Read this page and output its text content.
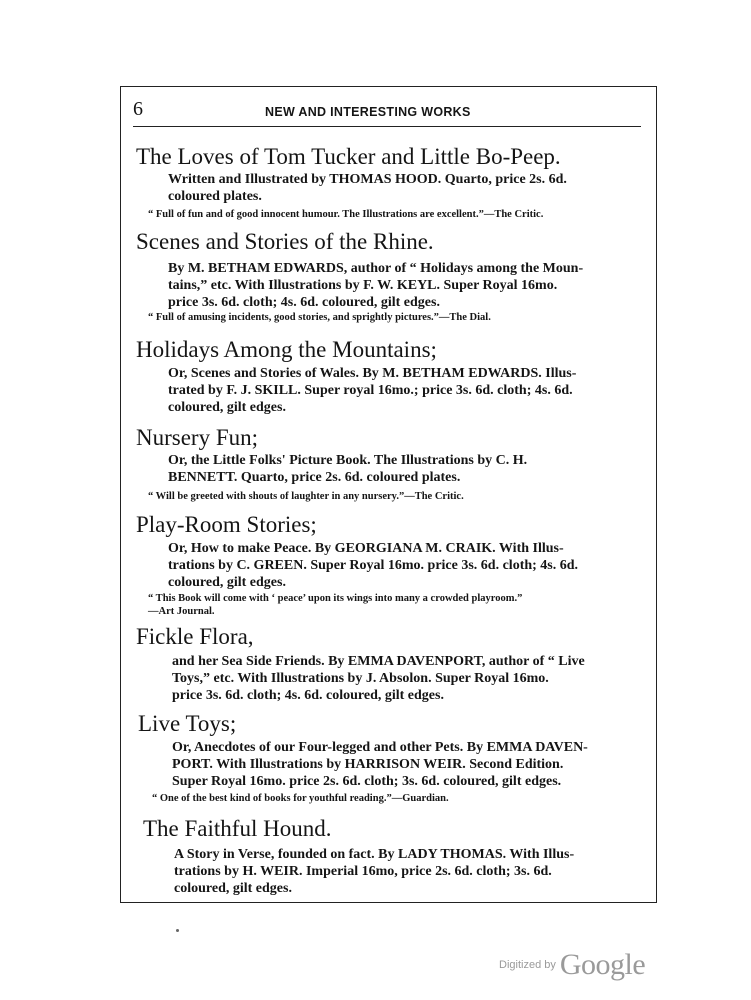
6	NEW AND INTERESTING WORKS
The Loves of Tom Tucker and Little Bo-Peep.
Written and Illustrated by THOMAS HOOD. Quarto, price 2s. 6d.
coloured plates.
“ Full of fun and of good innocent humour. The Illustrations are excellent.”—The Critic.
Scenes and Stories of the Rhine.
By M. BETHAM EDWARDS, author of “ Holidays among the Moun-
tains,” etc. With Illustrations by F. W. KEYL. Super Royal 16mo.
price 3s. 6d. cloth; 4s. 6d. coloured, gilt edges.
“ Full of amusing incidents, good stories, and sprightly pictures.”—The Dial.
Holidays Among the Mountains;
Or, Scenes and Stories of Wales. By M. BETHAM EDWARDS. Illus-
trated by F. J. SKILL. Super royal 16mo.; price 3s. 6d. cloth; 4s. 6d.
coloured, gilt edges.
Nursery Fun;
Or, the Little Folks' Picture Book. The Illustrations by C. H.
BENNETT. Quarto, price 2s. 6d. coloured plates.
“ Will be greeted with shouts of laughter in any nursery.”—The Critic.
Play-Room Stories;
Or, How to make Peace. By GEORGIANA M. CRAIK. With Illus-
trations by C. GREEN. Super Royal 16mo. price 3s. 6d. cloth; 4s. 6d.
coloured, gilt edges.
“ This Book will come with ‘ peace’ upon its wings into many a crowded playroom.”
—Art Journal.
Fickle Flora,
and her Sea Side Friends. By EMMA DAVENPORT, author of “ Live
Toys,” etc. With Illustrations by J. Absolon. Super Royal 16mo.
price 3s. 6d. cloth; 4s. 6d. coloured, gilt edges.
Live Toys;
Or, Anecdotes of our Four-legged and other Pets. By EMMA DAVEN-
PORT. With Illustrations by HARRISON WEIR. Second Edition.
Super Royal 16mo. price 2s. 6d. cloth; 3s. 6d. coloured, gilt edges.
“ One of the best kind of books for youthful reading.”—Guardian.
The Faithful Hound.
A Story in Verse, founded on fact. By LADY THOMAS. With Illus-
trations by H. WEIR. Imperial 16mo, price 2s. 6d. cloth; 3s. 6d.
coloured, gilt edges.
Digitized by Google
